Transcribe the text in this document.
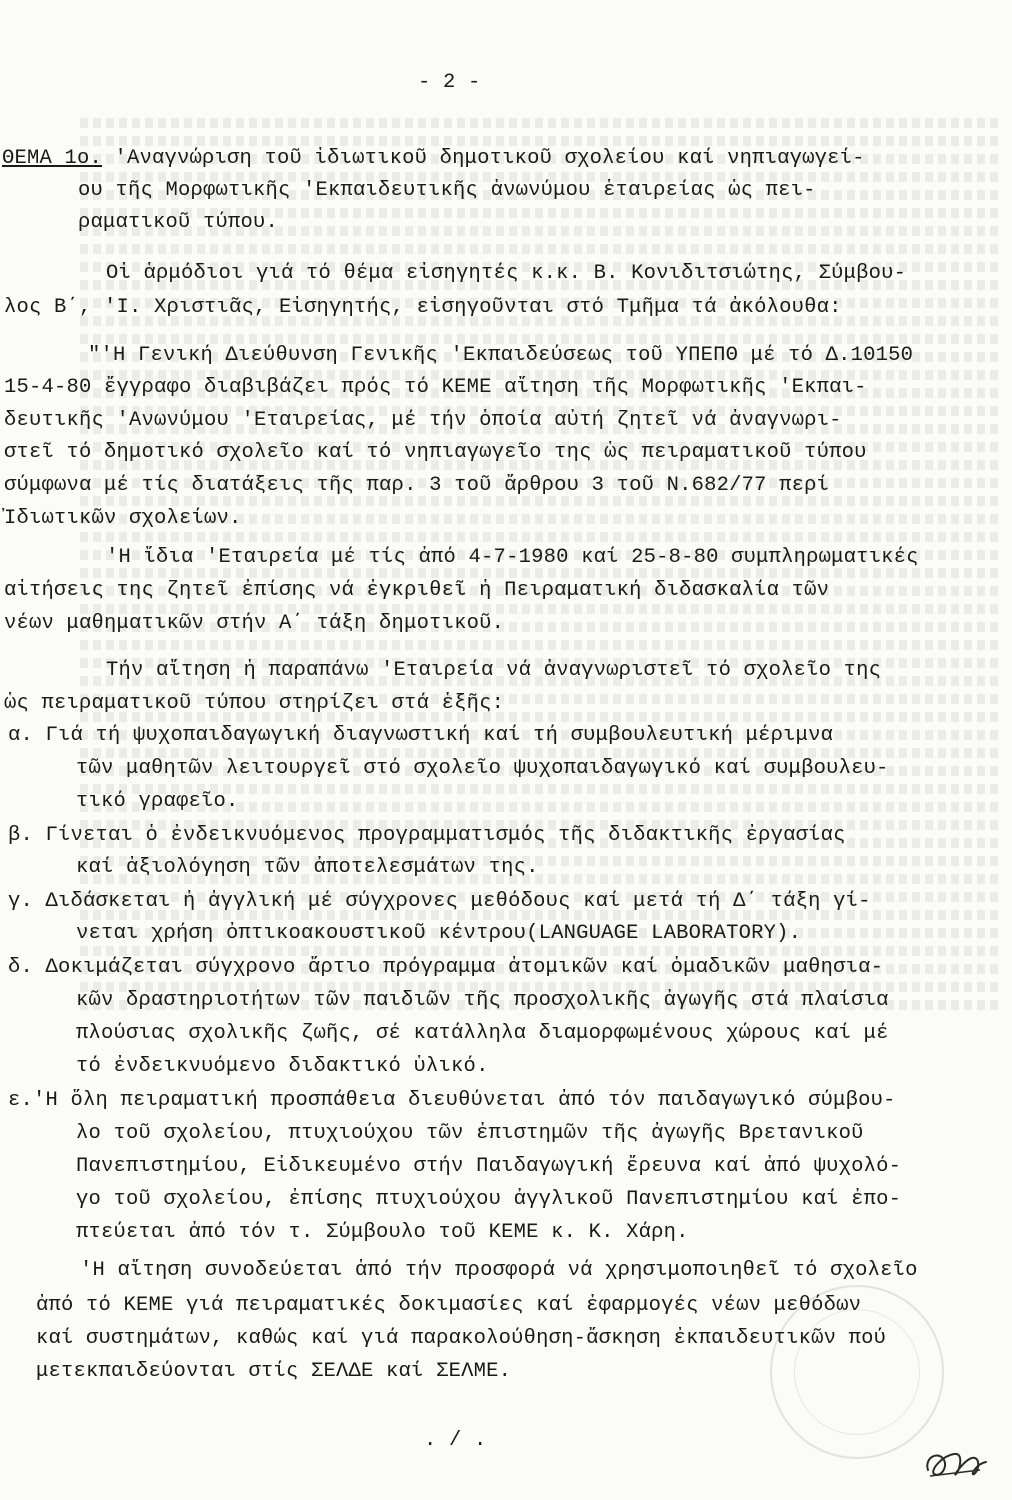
- 2 -
ΘΕΜΑ 1ο. 'Αναγνώριση τοῦ ἰδιωτικοῦ δημοτικοῦ σχολείου καί νηπιαγωγεί-
ου τῆς Μορφωτικῆς 'Εκπαιδευτικῆς ἀνωνύμου ἑταιρείας ὡς πει-
ραματικοῦ τύπου.
Οἱ ἁρμόδιοι γιά τό θέμα εἰσηγητές κ.κ. Β. Κονιδιτσιώτης, Σύμβου-
λος Β΄, 'Ι. Χριστιᾶς, Εἰσηγητής, εἰσηγοῦνται στό Τμῆμα τά ἀκόλουθα:
"'Η Γενική Διεύθυνση Γενικῆς 'Εκπαιδεύσεως τοῦ ΥΠΕΠΘ μέ τό Δ.10150
15-4-80 ἔγγραφο διαβιβάζει πρός τό ΚΕΜΕ αἴτηση τῆς Μορφωτικῆς 'Εκπαι-
δευτικῆς 'Ανωνύμου 'Εταιρείας, μέ τήν ὁποία αὐτή ζητεῖ νά ἀναγνωρι-
στεῖ τό δημοτικό σχολεῖο καί τό νηπιαγωγεῖο της ὡς πειραματικοῦ τύπου
σύμφωνα μέ τίς διατάξεις τῆς παρ. 3 τοῦ ἄρθρου 3 τοῦ Ν.682/77 περί
Ἰδιωτικῶν σχολείων.
'Η ἴδια 'Εταιρεία μέ τίς ἀπό 4-7-1980 καί 25-8-80 συμπληρωματικές
αἰτήσεις της ζητεῖ ἐπίσης νά ἐγκριθεῖ ἡ Πειραματική διδασκαλία τῶν
νέων μαθηματικῶν στήν Α΄ τάξη δημοτικοῦ.
Τήν αἴτηση ἡ παραπάνω 'Εταιρεία νά ἀναγνωριστεῖ τό σχολεῖο της
ὡς πειραματικοῦ τύπου στηρίζει στά ἑξῆς:
α. Γιά τή ψυχοπαιδαγωγική διαγνωστική καί τή συμβουλευτική μέριμνα
τῶν μαθητῶν λειτουργεῖ στό σχολεῖο ψυχοπαιδαγωγικό καί συμβουλευ-
τικό γραφεῖο.
β. Γίνεται ὁ ἐνδεικνυόμενος προγραμματισμός τῆς διδακτικῆς ἐργασίας
καί ἀξιολόγηση τῶν ἀποτελεσμάτων της.
γ. Διδάσκεται ἡ ἀγγλική μέ σύγχρονες μεθόδους καί μετά τή Δ΄ τάξη γί-
νεται χρήση ὀπτικοακουστικοῦ κέντρου(LANGUAGE LABORATORY).
δ. Δοκιμάζεται σύγχρονο ἄρτιο πρόγραμμα ἀτομικῶν καί ὁμαδικῶν μαθησια-
κῶν δραστηριοτήτων τῶν παιδιῶν τῆς προσχολικῆς ἀγωγῆς στά πλαίσια
πλούσιας σχολικῆς ζωῆς, σέ κατάλληλα διαμορφωμένους χώρους καί μέ
τό ἐνδεικνυόμενο διδακτικό ὑλικό.
ε.'Η ὅλη πειραματική προσπάθεια διευθύνεται ἀπό τόν παιδαγωγικό σύμβου-
λο τοῦ σχολείου, πτυχιούχου τῶν ἐπιστημῶν τῆς ἀγωγῆς Βρετανικοῦ
Πανεπιστημίου, Εἰδικευμένο στήν Παιδαγωγική ἔρευνα καί ἀπό ψυχολό-
γο τοῦ σχολείου, ἐπίσης πτυχιούχου ἀγγλικοῦ Πανεπιστημίου καί ἐπο-
πτεύεται ἀπό τόν τ. Σύμβουλο τοῦ ΚΕΜΕ κ. Κ. Χάρη.
'Η αἴτηση συνοδεύεται ἀπό τήν προσφορά νά χρησιμοποιηθεῖ τό σχολεῖο
ἀπό τό ΚΕΜΕ γιά πειραματικές δοκιμασίες καί ἐφαρμογές νέων μεθόδων
καί συστημάτων, καθώς καί γιά παρακολούθηση-ἄσκηση ἐκπαιδευτικῶν πού
μετεκπαιδεύονται στίς ΣΕΛΔΕ καί ΣΕΛΜΕ.
. / .
